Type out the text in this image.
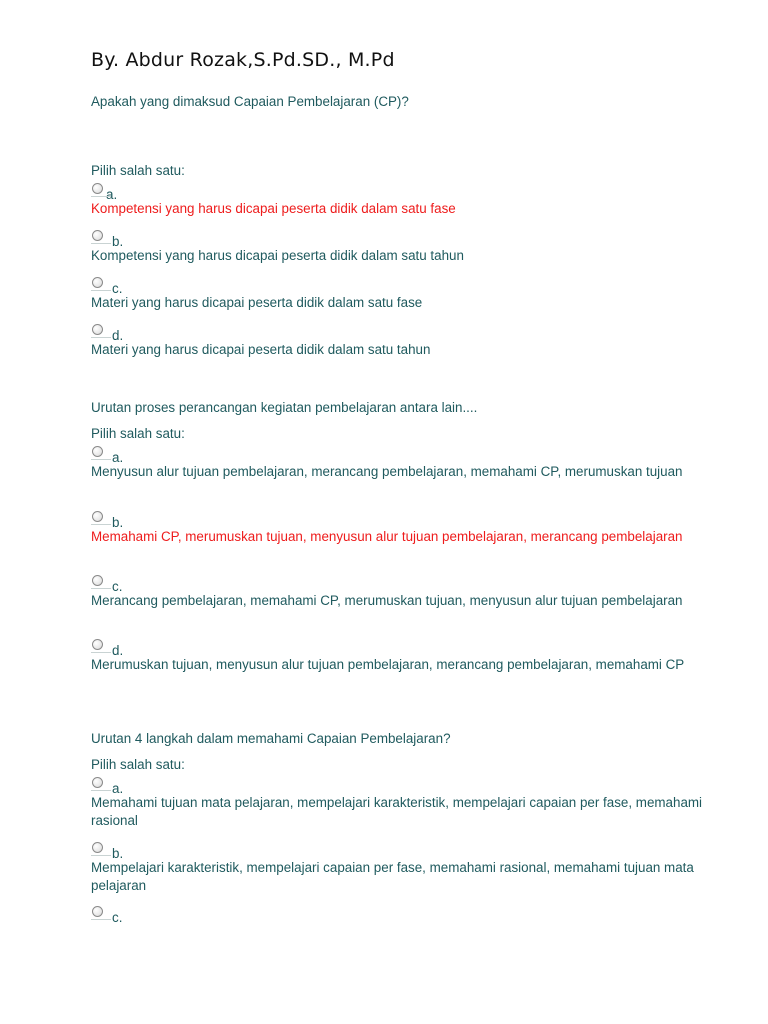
By. Abdur Rozak,S.Pd.SD., M.Pd
Apakah yang dimaksud Capaian Pembelajaran (CP)?
Pilih salah satu:
a.
Kompetensi yang harus dicapai peserta didik dalam satu fase
b.
Kompetensi yang harus dicapai peserta didik dalam satu tahun
c.
Materi yang harus dicapai peserta didik dalam satu fase
d.
Materi yang harus dicapai peserta didik dalam satu tahun
Urutan proses perancangan kegiatan pembelajaran antara lain....
Pilih salah satu:
a.
Menyusun alur tujuan pembelajaran, merancang pembelajaran, memahami CP, merumuskan tujuan
b.
Memahami CP, merumuskan tujuan, menyusun alur tujuan pembelajaran, merancang pembelajaran
c.
Merancang pembelajaran, memahami CP, merumuskan tujuan, menyusun alur tujuan pembelajaran
d.
Merumuskan tujuan, menyusun alur tujuan pembelajaran, merancang pembelajaran, memahami CP
Urutan 4 langkah dalam memahami Capaian Pembelajaran?
Pilih salah satu:
a.
Memahami tujuan mata pelajaran, mempelajari karakteristik, mempelajari capaian per fase, memahami rasional
b.
Mempelajari karakteristik, mempelajari capaian per fase, memahami rasional, memahami tujuan mata pelajaran
c.
